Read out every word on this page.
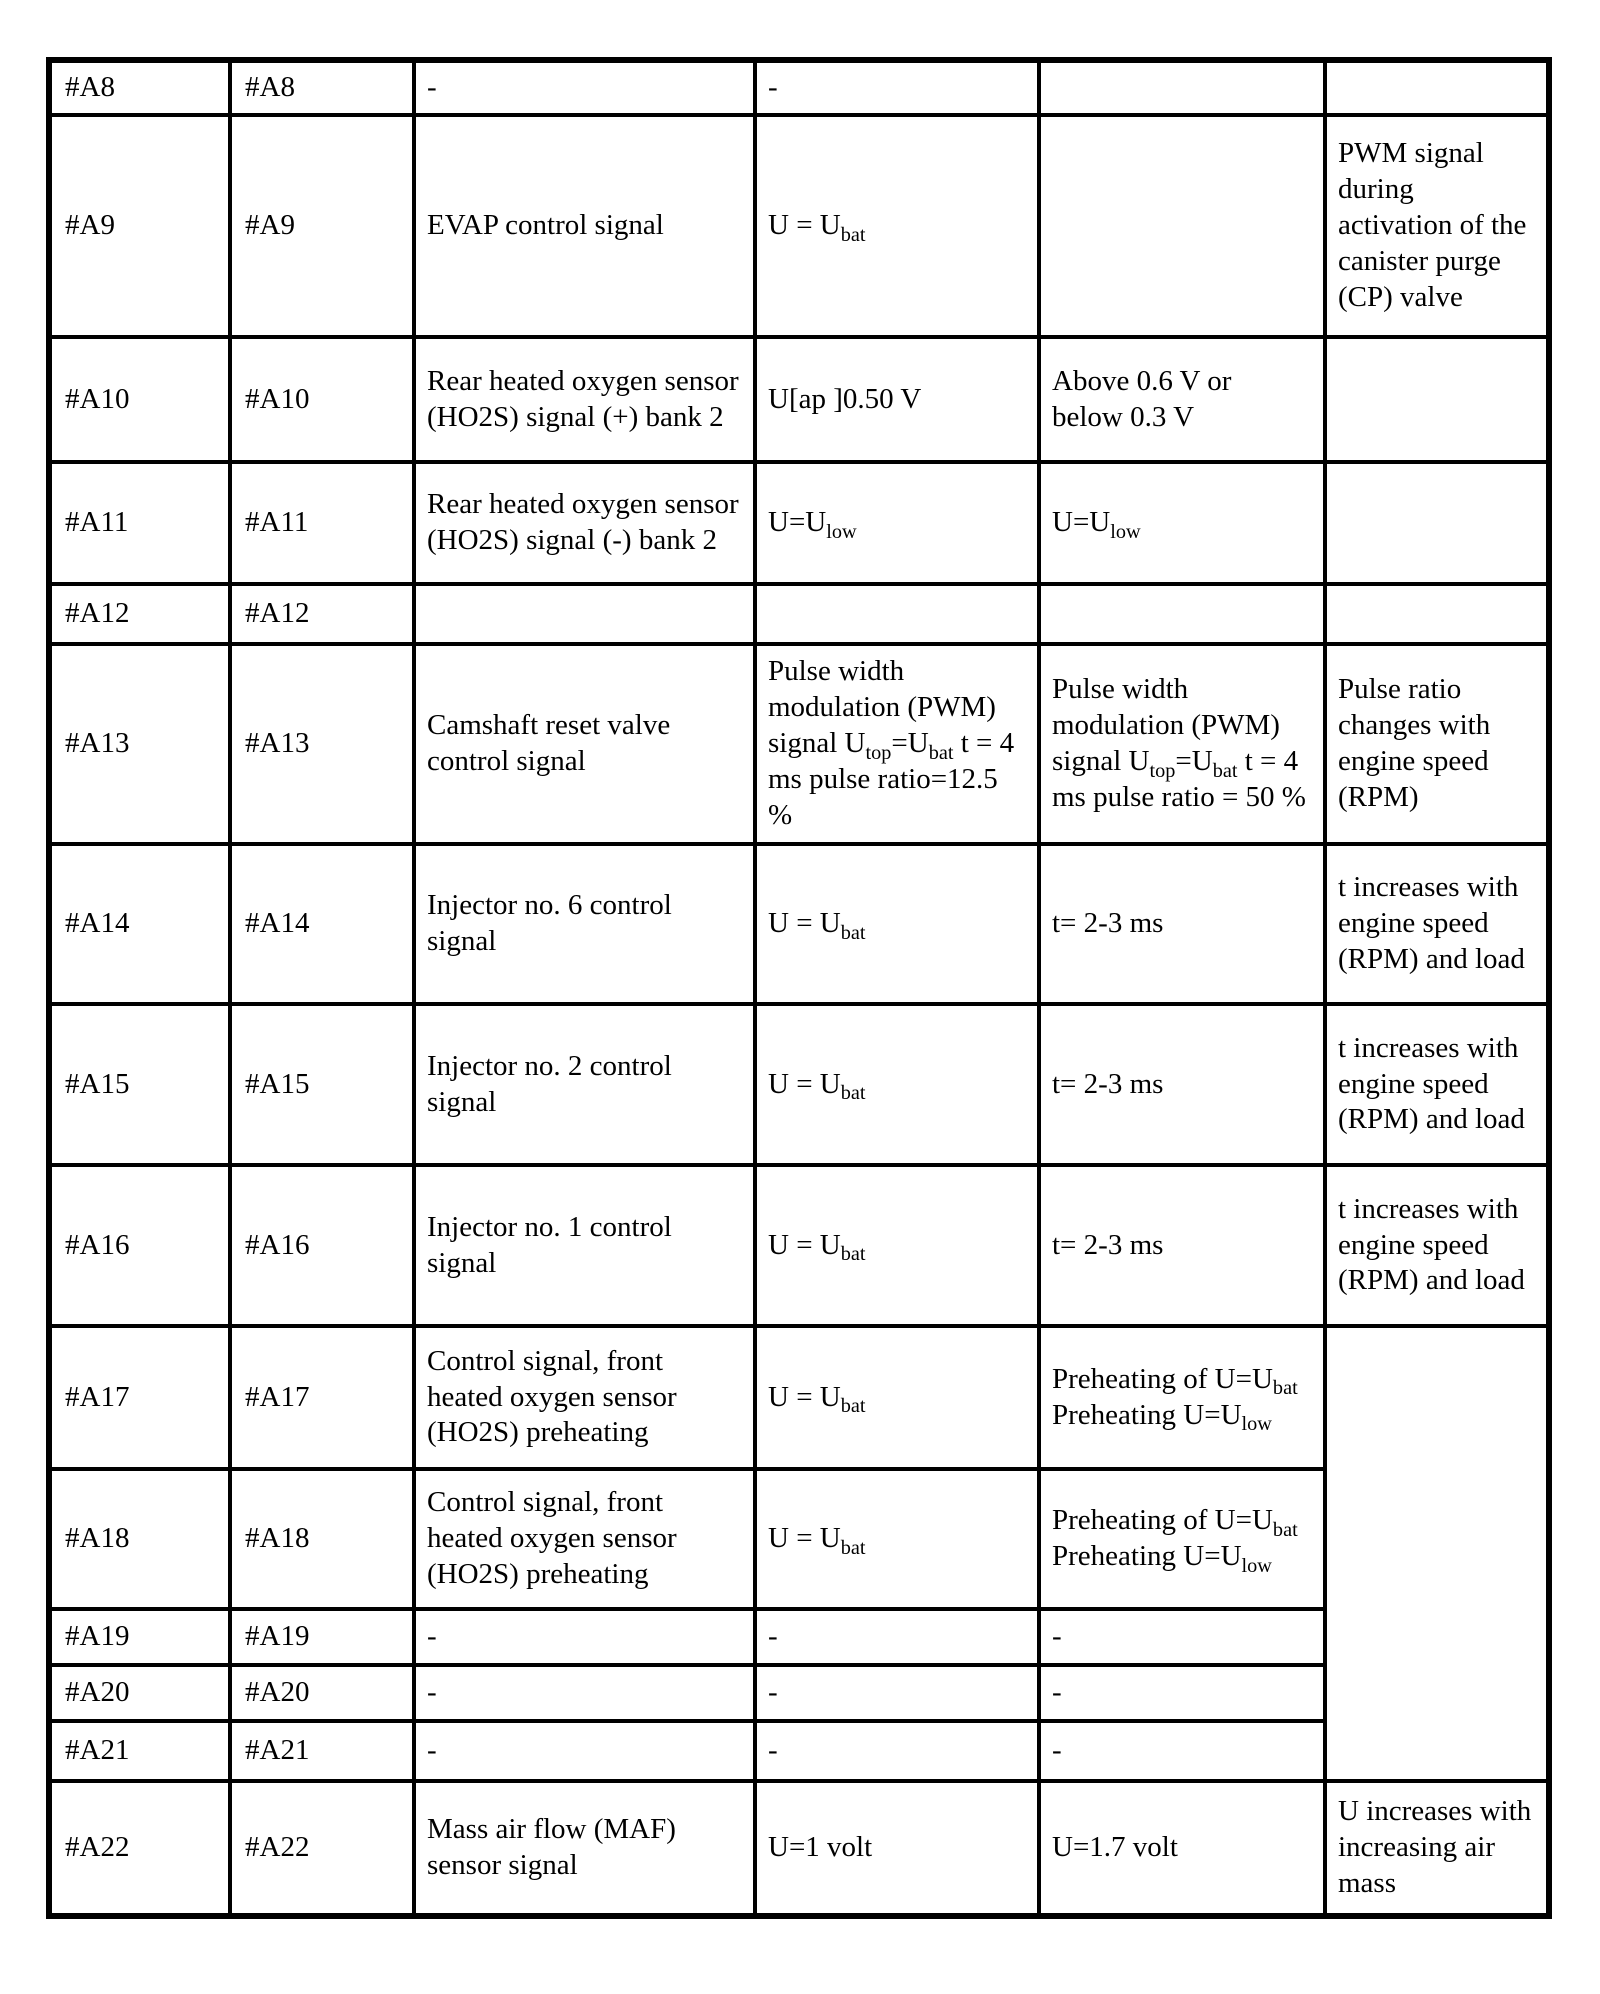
#A8	#A8	-	-		
#A9	#A9	EVAP control signal	$U = U_{bat}$		PWM signal during activation of the canister purge (CP) valve
#A10	#A10	Rear heated oxygen sensor (HO2S) signal (+) bank 2	U[ap ]0.50 V	Above 0.6 V or below 0.3 V	
#A11	#A11	Rear heated oxygen sensor (HO2S) signal (-) bank 2	$U=U_{low}$	$U=U_{low}$	
#A12	#A12				
#A13	#A13	Camshaft reset valve control signal	Pulse width modulation (PWM) signal $U_{top}=U_{bat}$ t = 4 ms pulse ratio=12.5 %	Pulse width modulation (PWM) signal $U_{top}=U_{bat}$ t = 4 ms pulse ratio = 50 %	Pulse ratio changes with engine speed (RPM)
#A14	#A14	Injector no. 6 control signal	$U = U_{bat}$	t= 2-3 ms	t increases with engine speed (RPM) and load
#A15	#A15	Injector no. 2 control signal	$U = U_{bat}$	t= 2-3 ms	t increases with engine speed (RPM) and load
#A16	#A16	Injector no. 1 control signal	$U = U_{bat}$	t= 2-3 ms	t increases with engine speed (RPM) and load
#A17	#A17	Control signal, front heated oxygen sensor (HO2S) preheating	$U = U_{bat}$	Preheating of $U=U_{bat}$ Preheating $U=U_{low}$	
#A18	#A18	Control signal, front heated oxygen sensor (HO2S) preheating	$U = U_{bat}$	Preheating of $U=U_{bat}$ Preheating $U=U_{low}$
#A19	#A19	-	-	-	
#A20	#A20	-	-	-	
#A21	#A21	-	-	-	
#A22	#A22	Mass air flow (MAF) sensor signal	U=1 volt	U=1.7 volt	U increases with increasing air mass
